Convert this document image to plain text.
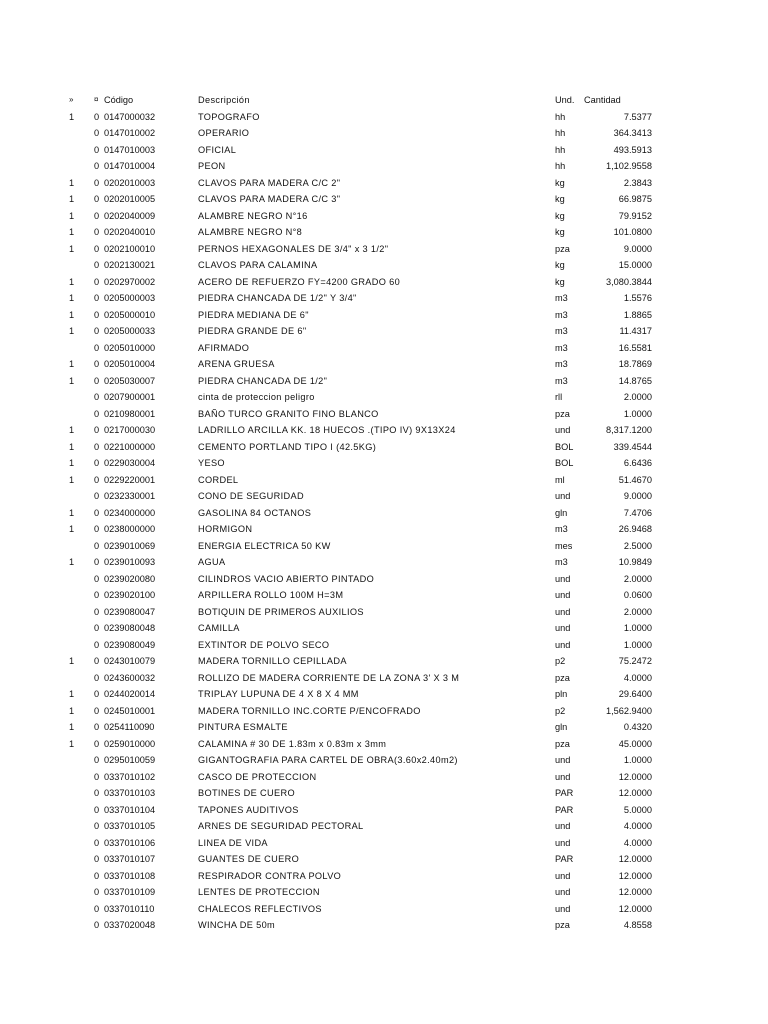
»	¤ Código	Descripción	Und. Cantidad
1 0 0147000032	TOPOGRAFO	hh	7.5377
0 0147010002	OPERARIO	hh	364.3413
0 0147010003	OFICIAL	hh	493.5913
0 0147010004	PEON	hh	1,102.9558
1 0 0202010003	CLAVOS PARA MADERA C/C 2"	kg	2.3843
1 0 0202010005	CLAVOS PARA MADERA C/C 3"	kg	66.9875
1 0 0202040009	ALAMBRE NEGRO N°16	kg	79.9152
1 0 0202040010	ALAMBRE NEGRO N°8	kg	101.0800
1 0 0202100010	PERNOS HEXAGONALES DE 3/4" x 3 1/2"	pza	9.0000
0 0202130021	CLAVOS PARA CALAMINA	kg	15.0000
1 0 0202970002	ACERO DE REFUERZO FY=4200 GRADO 60	kg	3,080.3844
1 0 0205000003	PIEDRA CHANCADA DE 1/2" Y 3/4"	m3	1.5576
1 0 0205000010	PIEDRA MEDIANA DE 6"	m3	1.8865
1 0 0205000033	PIEDRA GRANDE DE 6"	m3	11.4317
0 0205010000	AFIRMADO	m3	16.5581
1 0 0205010004	ARENA GRUESA	m3	18.7869
1 0 0205030007	PIEDRA CHANCADA DE 1/2"	m3	14.8765
0 0207900001	cinta de proteccion peligro	rll	2.0000
0 0210980001	BAÑO TURCO GRANITO FINO BLANCO	pza	1.0000
1 0 0217000030	LADRILLO ARCILLA KK. 18 HUECOS .(TIPO IV) 9X13X24	und	8,317.1200
1 0 0221000000	CEMENTO PORTLAND TIPO I (42.5KG)	BOL	339.4544
1 0 0229030004	YESO	BOL	6.6436
1 0 0229220001	CORDEL	ml	51.4670
0 0232330001	CONO DE SEGURIDAD	und	9.0000
1 0 0234000000	GASOLINA 84 OCTANOS	gln	7.4706
1 0 0238000000	HORMIGON	m3	26.9468
0 0239010069	ENERGIA ELECTRICA 50 KW	mes	2.5000
1 0 0239010093	AGUA	m3	10.9849
0 0239020080	CILINDROS VACIO ABIERTO PINTADO	und	2.0000
0 0239020100	ARPILLERA ROLLO 100M H=3M	und	0.0600
0 0239080047	BOTIQUIN DE PRIMEROS AUXILIOS	und	2.0000
0 0239080048	CAMILLA	und	1.0000
0 0239080049	EXTINTOR DE POLVO SECO	und	1.0000
1 0 0243010079	MADERA TORNILLO CEPILLADA	p2	75.2472
0 0243600032	ROLLIZO DE MADERA CORRIENTE DE LA ZONA 3' X 3 M	pza	4.0000
1 0 0244020014	TRIPLAY LUPUNA DE 4 X 8 X 4 MM	pln	29.6400
1 0 0245010001	MADERA TORNILLO INC.CORTE P/ENCOFRADO	p2	1,562.9400
1 0 0254110090	PINTURA ESMALTE	gln	0.4320
1 0 0259010000	CALAMINA # 30 DE 1.83m x 0.83m x 3mm	pza	45.0000
0 0295010059	GIGANTOGRAFIA PARA CARTEL DE OBRA(3.60x2.40m2)	und	1.0000
0 0337010102	CASCO DE PROTECCION	und	12.0000
0 0337010103	BOTINES DE CUERO	PAR	12.0000
0 0337010104	TAPONES AUDITIVOS	PAR	5.0000
0 0337010105	ARNES DE SEGURIDAD PECTORAL	und	4.0000
0 0337010106	LINEA DE VIDA	und	4.0000
0 0337010107	GUANTES DE CUERO	PAR	12.0000
0 0337010108	RESPIRADOR CONTRA POLVO	und	12.0000
0 0337010109	LENTES DE PROTECCION	und	12.0000
0 0337010110	CHALECOS REFLECTIVOS	und	12.0000
0 0337020048	WINCHA DE 50m	pza	4.8558
